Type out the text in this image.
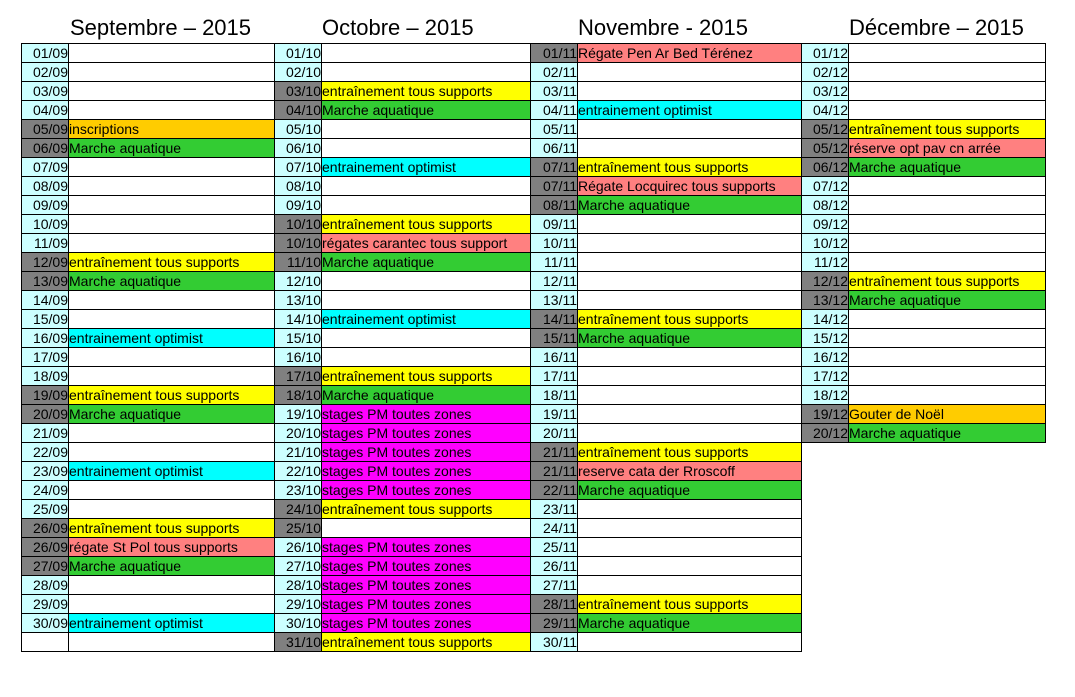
Septembre – 2015
01/09	
02/09	
03/09	
04/09	
05/09	inscriptions
06/09	Marche aquatique
07/09	
08/09	
09/09	
10/09	
11/09	
12/09	entraînement tous supports
13/09	Marche aquatique
14/09	
15/09	
16/09	entrainement optimist
17/09	
18/09	
19/09	entraînement tous supports
20/09	Marche aquatique
21/09	
22/09	
23/09	entrainement optimist
24/09	
25/09	
26/09	entraînement tous supports
26/09	régate St Pol tous supports
27/09	Marche aquatique
28/09	
29/09	
30/09	entrainement optimist

Octobre – 2015
01/10	
02/10	
03/10	entraînement tous supports
04/10	Marche aquatique
05/10	
06/10	
07/10	entrainement optimist
08/10	
09/10	
10/10	entraînement tous supports
10/10	régates carantec tous support
11/10	Marche aquatique
12/10	
13/10	
14/10	entrainement optimist
15/10	
16/10	
17/10	entraînement tous supports
18/10	Marche aquatique
19/10	stages PM toutes zones
20/10	stages PM toutes zones
21/10	stages PM toutes zones
22/10	stages PM toutes zones
23/10	stages PM toutes zones
24/10	entraînement tous supports
25/10	
26/10	stages PM toutes zones
27/10	stages PM toutes zones
28/10	stages PM toutes zones
29/10	stages PM toutes zones
30/10	stages PM toutes zones
31/10	entraînement tous supports
Novembre - 2015
01/11	Régate Pen Ar Bed Térénez
02/11	
03/11	
04/11	entrainement optimist
05/11	
06/11	
07/11	entraînement tous supports
07/11	Régate Locquirec tous supports
08/11	Marche aquatique
09/11	
10/11	
11/11	
12/11	
13/11	
14/11	entraînement tous supports
15/11	Marche aquatique
16/11	
17/11	
18/11	
19/11	
20/11	
21/11	entraînement tous supports
21/11	reserve cata der Rroscoff
22/11	Marche aquatique
23/11	
24/11	
25/11	
26/11	
27/11	
28/11	entraînement tous supports
29/11	Marche aquatique
30/11	
Décembre – 2015
01/12	
02/12	
03/12	
04/12	
05/12	entraînement tous supports
05/12	réserve opt pav cn arrée
06/12	Marche aquatique
07/12	
08/12	
09/12	
10/12	
11/12	
12/12	entraînement tous supports
13/12	Marche aquatique
14/12	
15/12	
16/12	
17/12	
18/12	
19/12	Gouter de Noël
20/12	Marche aquatique
